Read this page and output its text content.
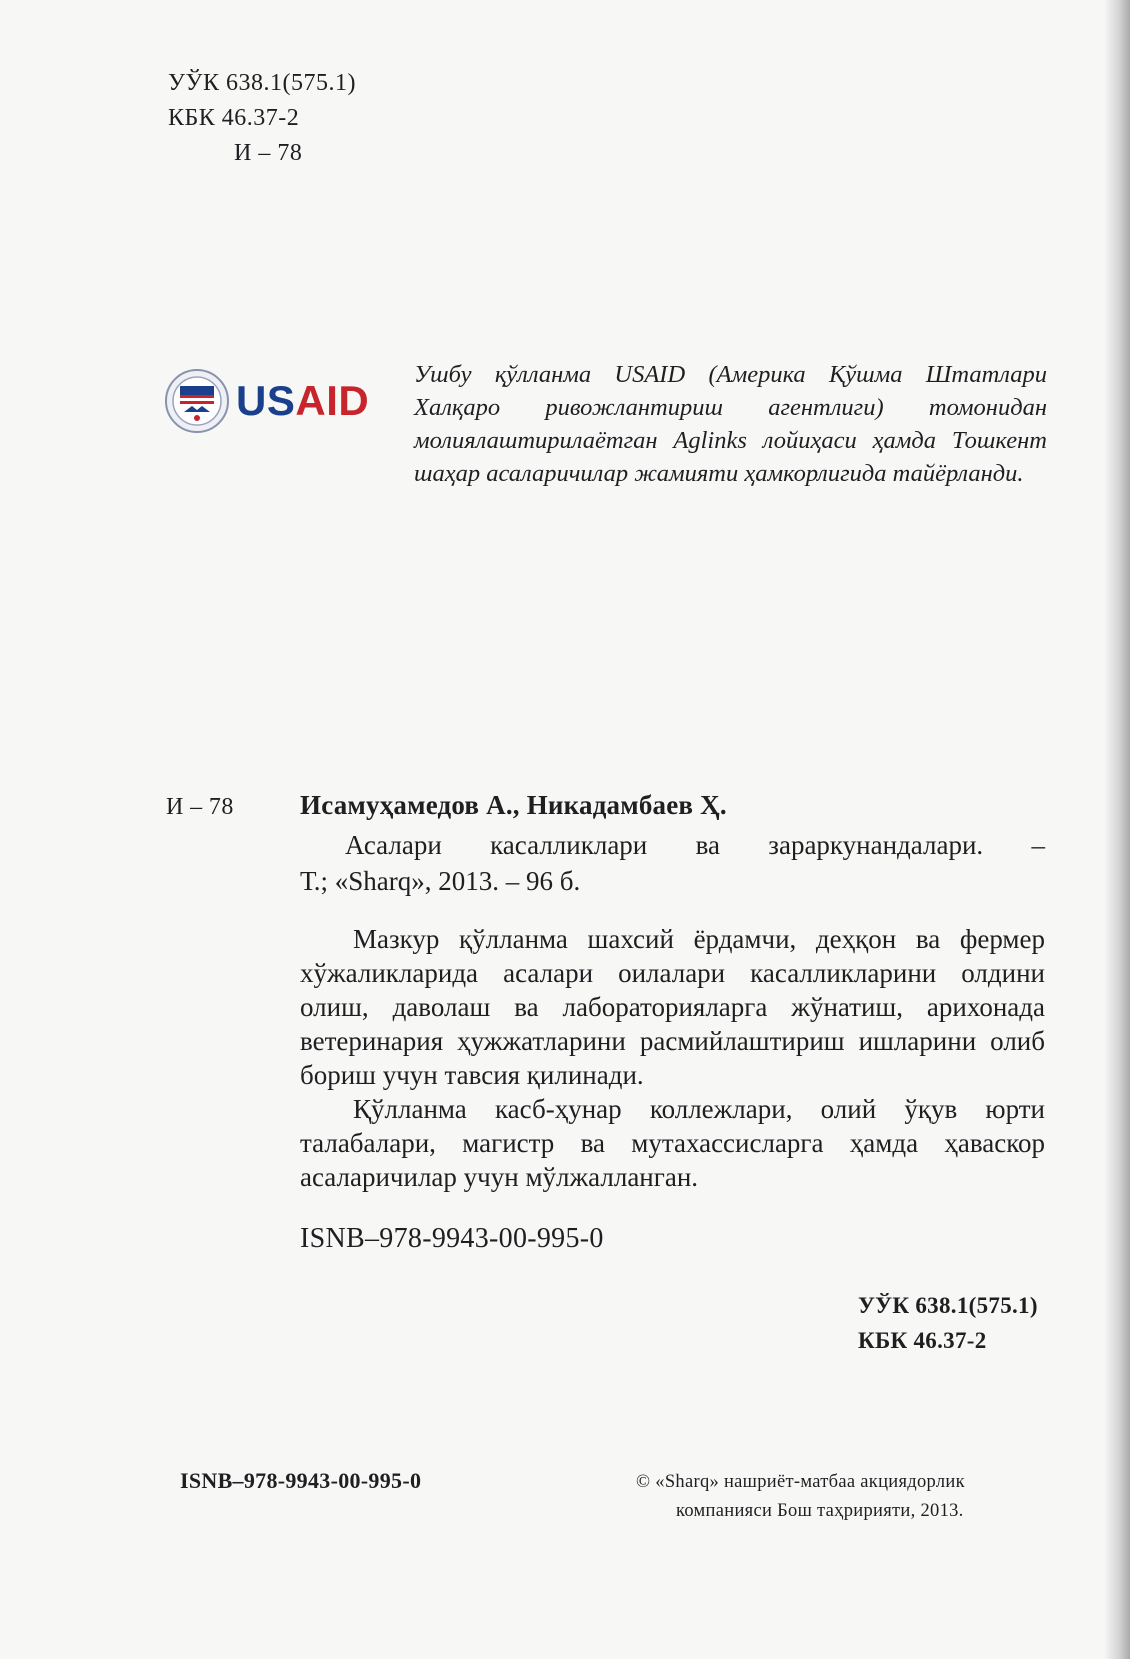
УЎК 638.1(575.1)
КБК 46.37-2
И – 78
USAID
Ушбу қўлланма USAID (Америка Қўшма Штатлари Халқаро ривожлантириш агентлиги) томонидан молиялаштирилаётган Aglinks лойиҳаси ҳамда Тошкент шаҳар асаларичилар жамияти ҳамкорлигида тайёрланди.
И – 78 Исамуҳамедов А., Никадамбаев Ҳ.
Асалари касалликлари ва зараркунандалари. –
Т.; «Sharq», 2013. – 96 б.

Мазкур қўлланма шахсий ёрдамчи, деҳқон ва фермер хўжаликларида асалари оилалари касалликларини олдини олиш, даволаш ва лабораторияларга жўнатиш, арихонада ветеринария ҳужжатларини расмийлаштириш ишларини олиб бориш учун тавсия қилинади.

Қўлланма касб-ҳунар коллежлари, олий ўқув юрти талабалари, магистр ва мутахассисларга ҳамда ҳаваскор асаларичилар учун мўлжалланган.

ISNB–978-9943-00-995-0
УЎК 638.1(575.1)
КБК 46.37-2
ISNB–978-9943-00-995-0	© «Sharq» нашриёт-матбаа акциядорлик
компанияси Бош таҳририяти, 2013.
